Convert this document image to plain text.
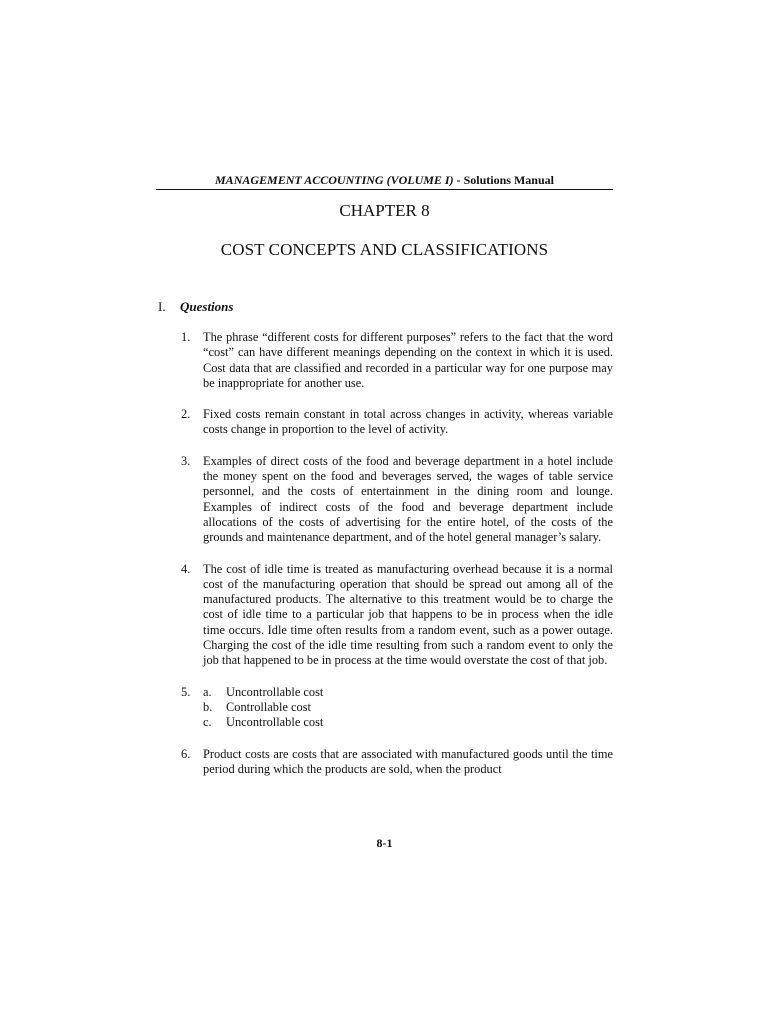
MANAGEMENT ACCOUNTING (VOLUME I) - Solutions Manual
CHAPTER 8
COST CONCEPTS AND CLASSIFICATIONS
I. Questions
1.	The phrase “different costs for different purposes” refers to the fact that the word “cost” can have different meanings depending on the context in which it is used. Cost data that are classified and recorded in a particular way for one purpose may be inappropriate for another use.
2.	Fixed costs remain constant in total across changes in activity, whereas variable costs change in proportion to the level of activity.
3.	Examples of direct costs of the food and beverage department in a hotel include the money spent on the food and beverages served, the wages of table service personnel, and the costs of entertainment in the dining room and lounge. Examples of indirect costs of the food and beverage department include allocations of the costs of advertising for the entire hotel, of the costs of the grounds and maintenance department, and of the hotel general manager’s salary.
4.	The cost of idle time is treated as manufacturing overhead because it is a normal cost of the manufacturing operation that should be spread out among all of the manufactured products. The alternative to this treatment would be to charge the cost of idle time to a particular job that happens to be in process when the idle time occurs. Idle time often results from a random event, such as a power outage. Charging the cost of the idle time resulting from such a random event to only the job that happened to be in process at the time would overstate the cost of that job.
5.	a.	Uncontrollable cost
b.	Controllable cost
c.	Uncontrollable cost
6.	Product costs are costs that are associated with manufactured goods until the time period during which the products are sold, when the product
8-1
